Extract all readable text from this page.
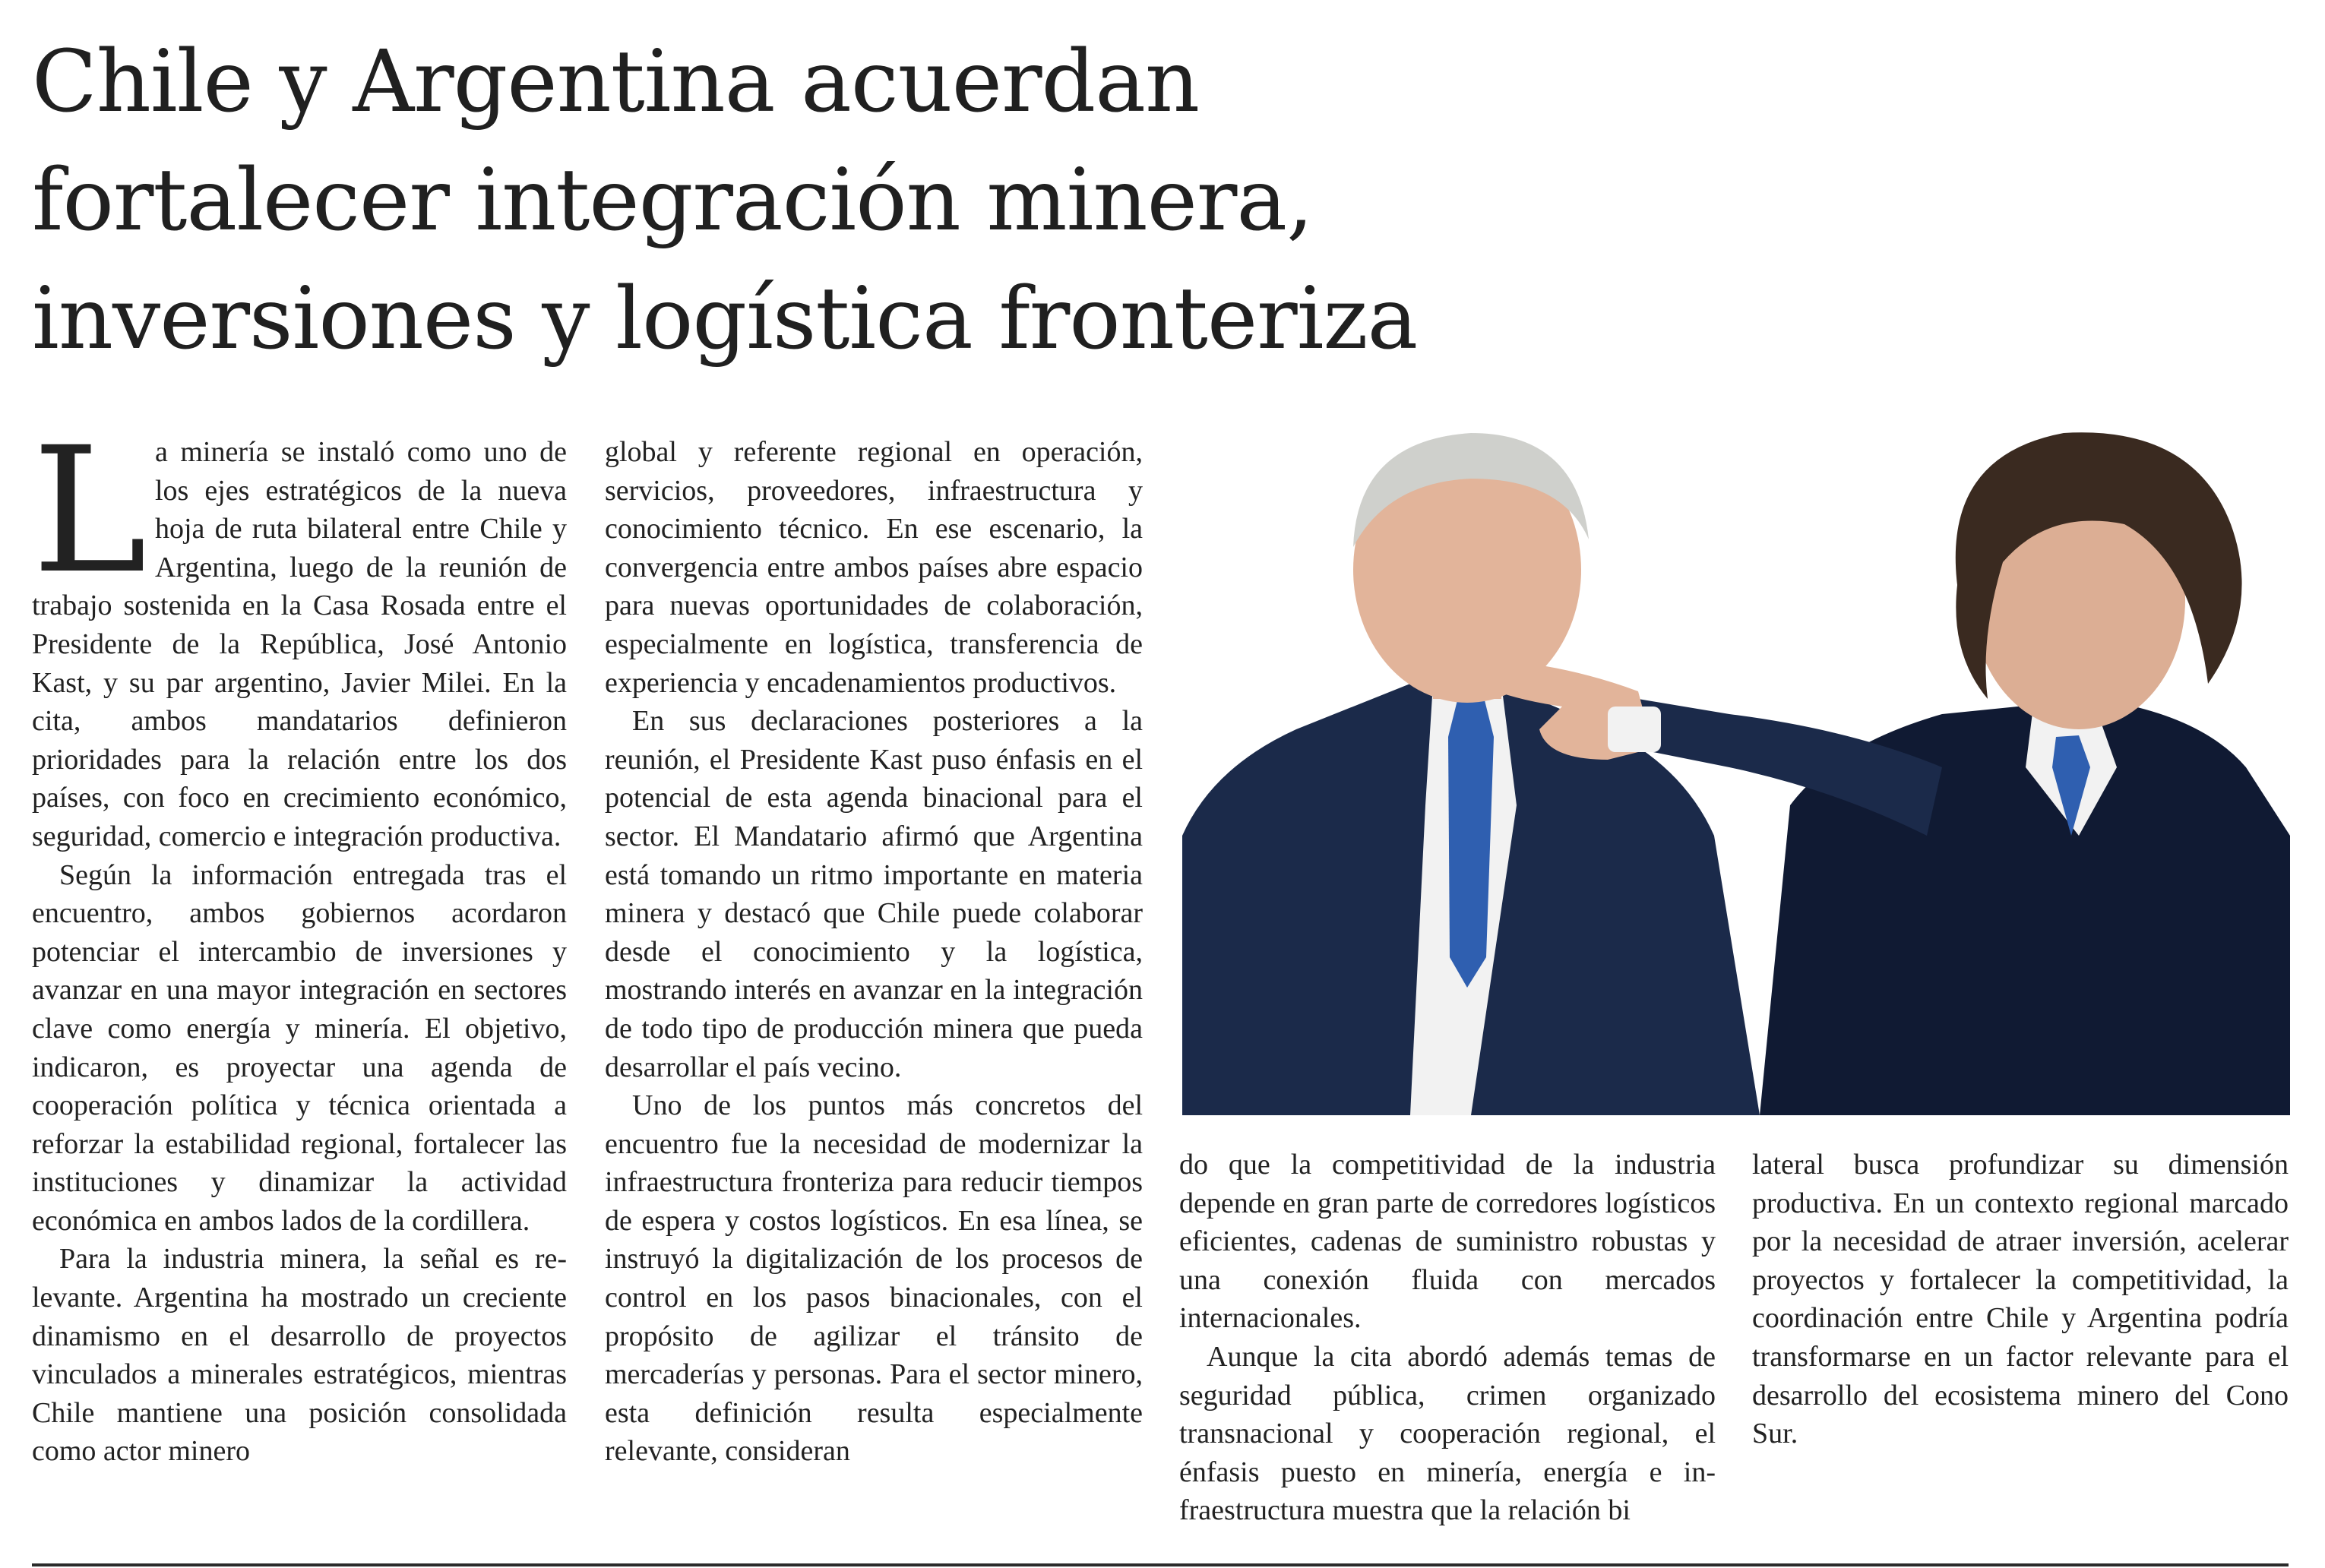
Chile y Argentina acuerdan
fortalecer integración minera,
inversiones y logística fronteriza

La minería se instaló como uno de los ejes estratégicos de la nueva hoja de ruta bilateral entre Chile y Argentina, luego de la reunión de trabajo sostenida en la Casa Rosada entre el Presidente de la República, José Antonio Kast, y su par argentino, Javier Milei. En la cita, ambos mandatarios definieron prioridades para la relación entre los dos países, con foco en crecimiento económico, seguridad, comercio e integración productiva.

Según la información entregada tras el encuentro, ambos gobiernos acordaron potenciar el intercambio de inversiones y avanzar en una mayor integración en sectores clave como energía y minería. El objetivo, indicaron, es proyectar una agenda de cooperación política y técnica orientada a reforzar la estabilidad regional, fortalecer las instituciones y dinamizar la actividad económica en ambos lados de la cordillera.

Para la industria minera, la señal es relevante. Argentina ha mostrado un creciente dinamismo en el desarrollo de proyectos vinculados a minerales estratégicos, mientras Chile mantiene una posición consolidada como actor minero

global y referente regional en operación, servicios, proveedores, infraestructura y conocimiento técnico. En ese escenario, la convergencia entre ambos países abre espacio para nuevas oportunidades de colaboración, especialmente en logística, transferencia de experiencia y encadenamientos productivos.

En sus declaraciones posteriores a la reunión, el Presidente Kast puso énfasis en el potencial de esta agenda binacional para el sector. El Mandatario afirmó que Argentina está tomando un ritmo importante en materia minera y destacó que Chile puede colaborar desde el conocimiento y la logística, mostrando interés en avanzar en la integración de todo tipo de producción minera que pueda desarrollar el país vecino.

Uno de los puntos más concretos del encuentro fue la necesidad de modernizar la infraestructura fronteriza para reducir tiempos de espera y costos logísticos. En esa línea, se instruyó la digitalización de los procesos de control en los pasos binacionales, con el propósito de agilizar el tránsito de mercaderías y personas. Para el sector minero, esta definición resulta especialmente relevante, consideran

do que la competitividad de la industria depende en gran parte de corredores logísticos eficientes, cadenas de suministro robustas y una conexión fluida con mercados internacionales.

Aunque la cita abordó además temas de seguridad pública, crimen organizado transnacional y cooperación regional, el énfasis puesto en minería, energía e infraestructura muestra que la relación bi

lateral busca profundizar su dimensión productiva. En un contexto regional marcado por la necesidad de atraer inversión, acelerar proyectos y fortalecer la competitividad, la coordinación entre Chile y Argentina podría transformarse en un factor relevante para el desarrollo del ecosistema minero del Cono Sur.
